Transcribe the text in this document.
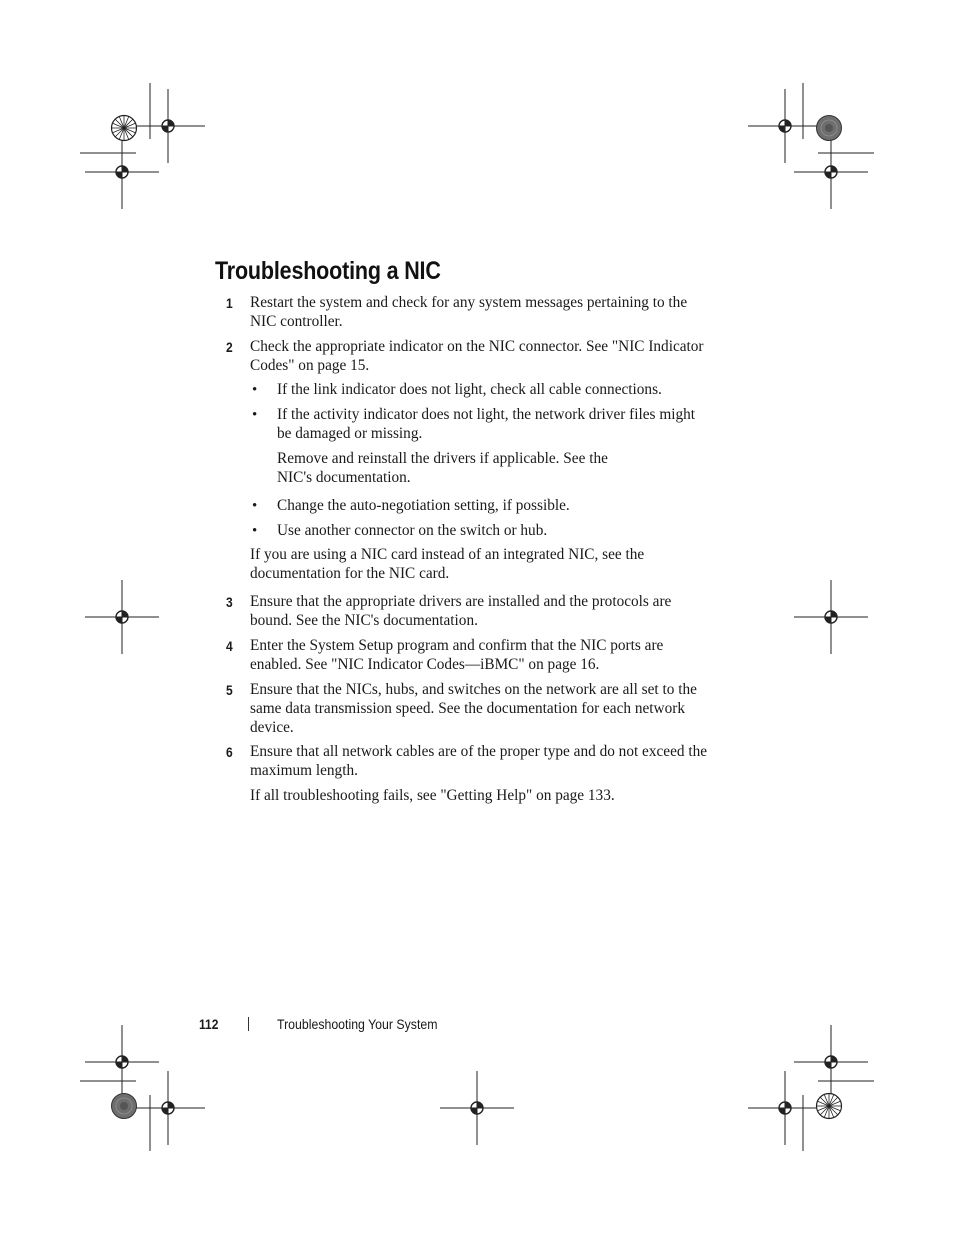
Troubleshooting a NIC
1 Restart the system and check for any system messages pertaining to the
NIC controller.
2 Check the appropriate indicator on the NIC connector. See "NIC Indicator
Codes" on page 15.
• If the link indicator does not light, check all cable connections.
• If the activity indicator does not light, the network driver files might
be damaged or missing.
Remove and reinstall the drivers if applicable. See the
NIC's documentation.
• Change the auto-negotiation setting, if possible.
• Use another connector on the switch or hub.
If you are using a NIC card instead of an integrated NIC, see the
documentation for the NIC card.
3 Ensure that the appropriate drivers are installed and the protocols are
bound. See the NIC's documentation.
4 Enter the System Setup program and confirm that the NIC ports are
enabled. See "NIC Indicator Codes—iBMC" on page 16.
5 Ensure that the NICs, hubs, and switches on the network are all set to the
same data transmission speed. See the documentation for each network
device.
6 Ensure that all network cables are of the proper type and do not exceed the
maximum length.
If all troubleshooting fails, see "Getting Help" on page 133.
112	Troubleshooting Your System
